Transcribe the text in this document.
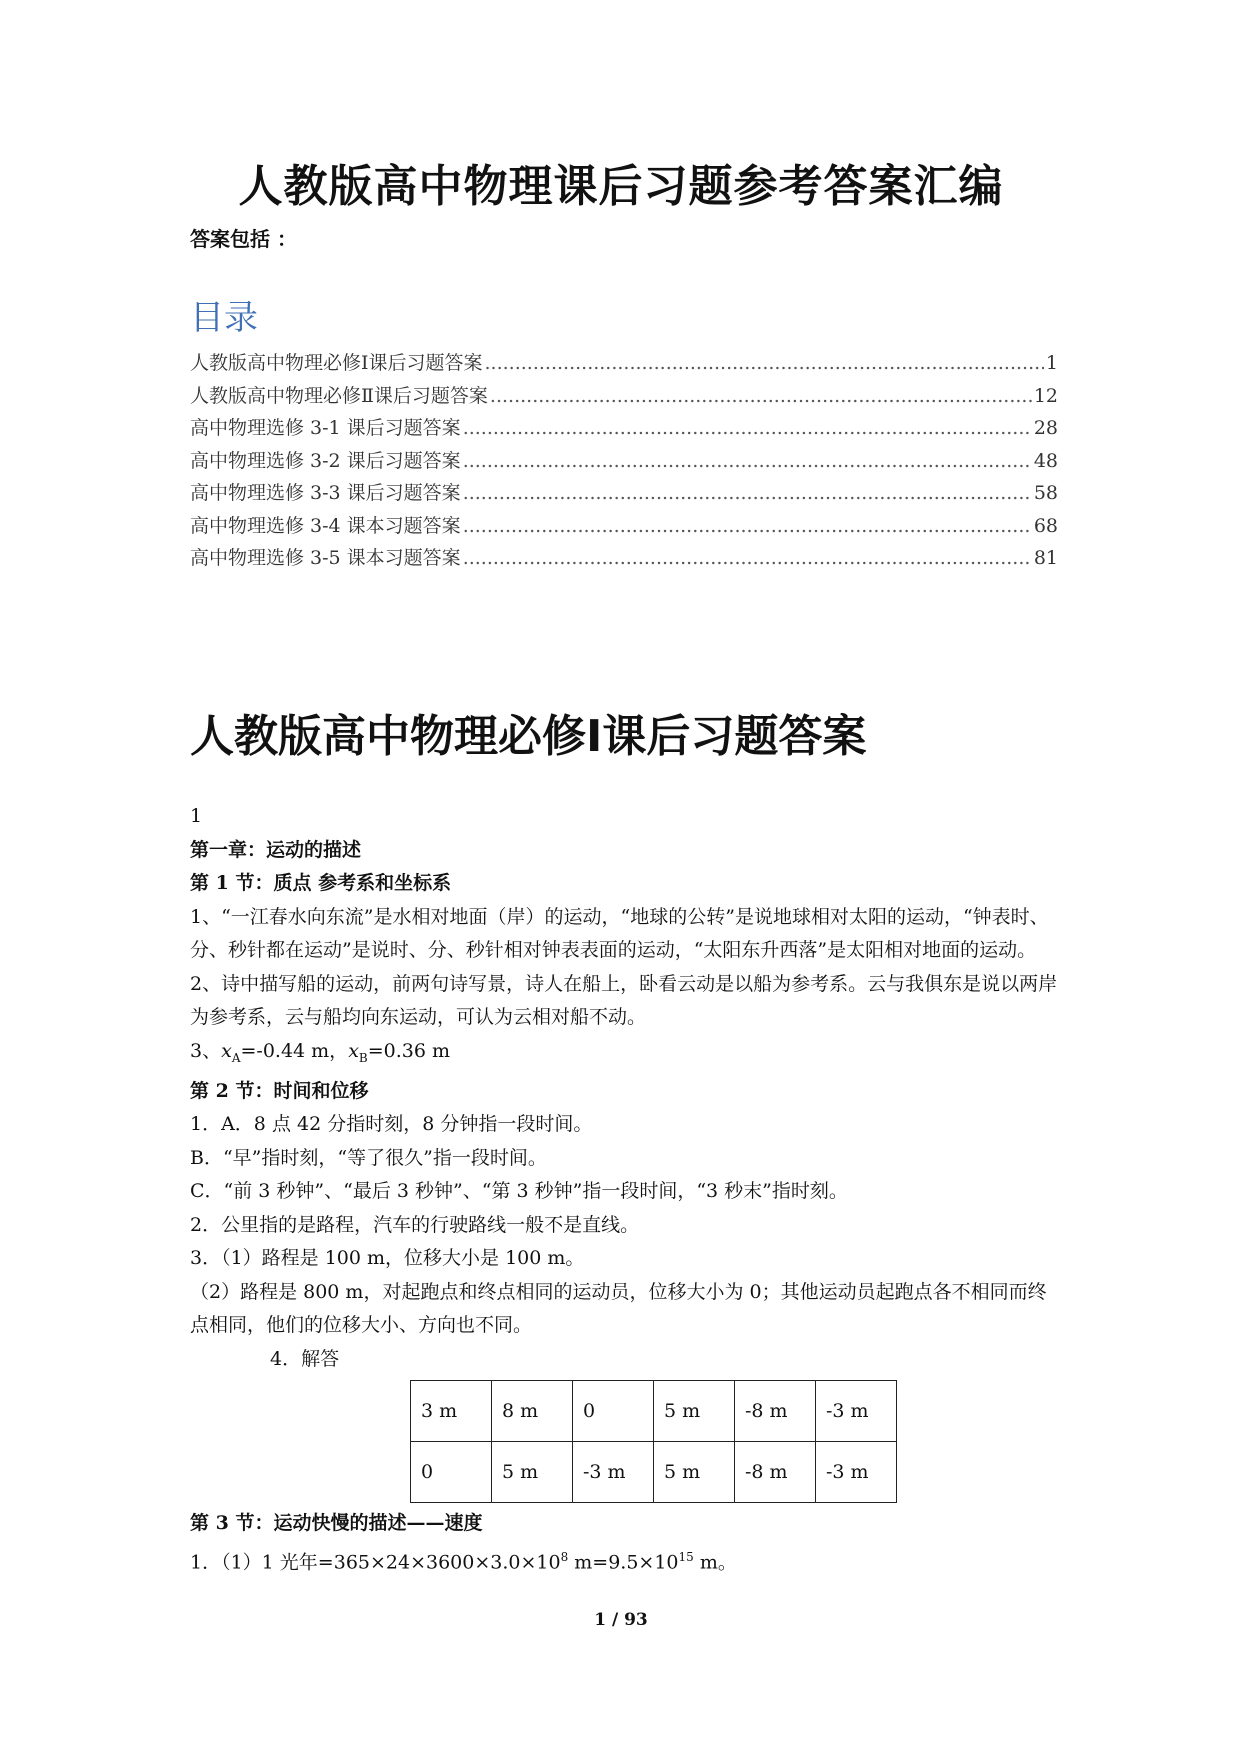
人教版高中物理课后习题参考答案汇编
答案包括 ：
目录
人教版高中物理必修Ⅰ课后习题答案 .....	1
人教版高中物理必修Ⅱ课后习题答案 .....	12
高中物理选修 3-1 课后习题答案 .....	28
高中物理选修 3-2 课后习题答案 .....	48
高中物理选修 3-3 课后习题答案 .....	58
高中物理选修 3-4 课本习题答案 .....	68
高中物理选修 3-5 课本习题答案 .....	81
人教版高中物理必修Ⅰ课后习题答案

1

第一章：运动的描述

第 1 节：质点 参考系和坐标系

1、“一江春水向东流”是水相对地面（岸）的运动，“地球的公转”是说地球相对太阳的运动，“钟表时、分、秒针都在运动”是说时、分、秒针相对钟表表面的运动，“太阳东升西落”是太阳相对地面的运动。

2、诗中描写船的运动，前两句诗写景，诗人在船上，卧看云动是以船为参考系。云与我俱东是说以两岸为参考系，云与船均向东运动，可认为云相对船不动。

3、$x_A=-0.44$ m，$x_B=0.36$ m

第 2 节：时间和位移

1．A．8 点 42 分指时刻，8 分钟指一段时间。

B．“早”指时刻，“等了很久”指一段时间。

C．“前 3 秒钟”、“最后 3 秒钟”、“第 3 秒钟”指一段时间，“3 秒末”指时刻。

2．公里指的是路程，汽车的行驶路线一般不是直线。

3．（1）路程是 100 m，位移大小是 100 m。

（2）路程是 800 m，对起跑点和终点相同的运动员，位移大小为 0；其他运动员起跑点各不相同而终点相同，他们的位移大小、方向也不同。

4．解答

3 m	8 m	0	5 m	-8 m	-3 m
0	5 m	-3 m	5 m	-8 m	-3 m

第 3 节：运动快慢的描述——速度

1．（1）1 光年$=365\times 24\times 3600\times 3.0\times 10^8$ $m=9.5\times 10^{15}$ m。

1 / 93
